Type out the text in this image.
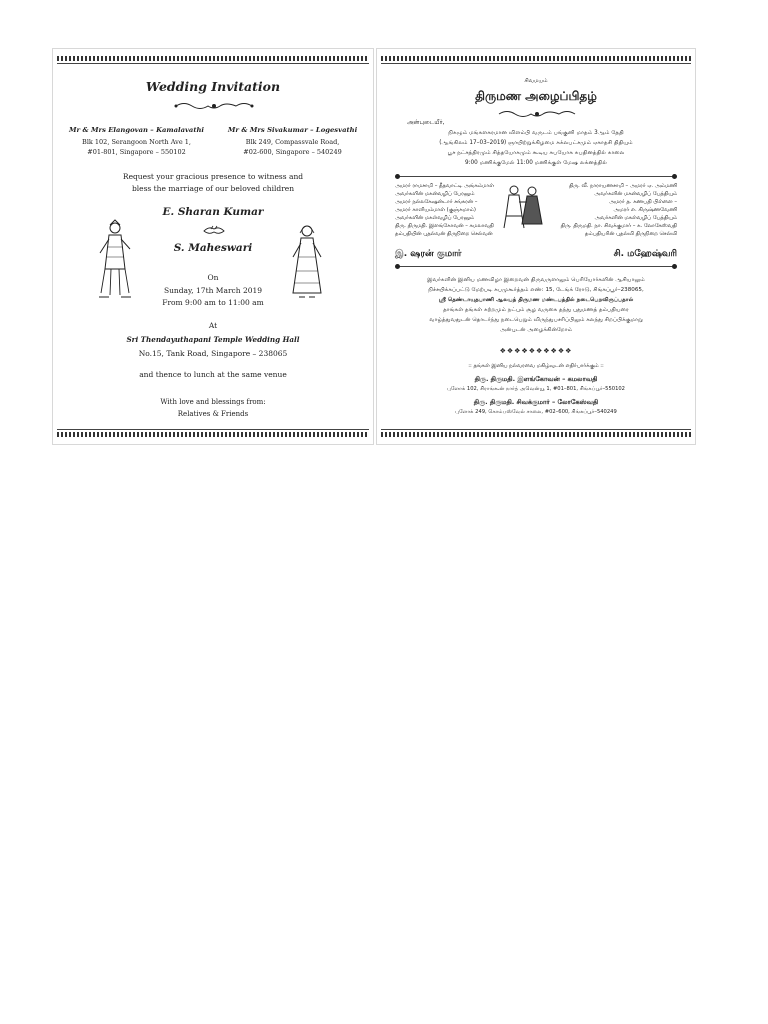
Wedding Invitation
Mr & Mrs Elangovan – Kamalavathi
Blk 102, Serangoon North Ave 1,
#01-801, Singapore – 550102
Mr & Mrs Sivakumar – Logesvathi
Blk 249, Compassvale Road,
#02-600, Singapore – 540249
Request your gracious presence to witness and
bless the marriage of our beloved children
E. Sharan Kumar
S. Maheswari
On
Sunday, 17th March 2019
From 9:00 am to 11:00 am
At
Sri Thendayuthapani Temple Wedding Hall
No.15, Tank Road, Singapore – 238065
and thence to lunch at the same venue
With love and blessings from:
Relatives & Friends
சிவமயம்
திருமண அழைப்பிதழ்
அன்புடையீர்,
நிகழும் மங்களகரமான விளம்பி வருடம் பங்குனி மாதம் 3ஆம் தேதி
(ஆங்கிலம் 17–03–2019) ஞாயிற்றுக்கிழமை சுக்லபட்சமும் ஏகாதசி திதியும்
பூச நட்சத்திரமும் சித்தயோகமும் கூடிய சுபயோக சுபதினத்தில் காலை
9:00 மணிக்குமேல் 11:00 மணிக்குள் மேஷ லக்னத்தில்
அமரர் ராமசாமி – தீதவாட்டி அங்கம்மாள்
அவர்களின் மகன்வழிப் பேரனும்
அமரர் நல்லகேஷன்டார் சங்கரன் –
அமரர் காளியம்மாள் (குஞ்சுமாம்)
அவர்களின் மகள்வழிப் பேரனும்
திரு. திருமதி. இளங்கோவன் – கமலாவதி
தம்பதியின் புதல்வன் திருநிறை செல்வன்
திரு. வீ. நாராயணசாமி – அமரர் ஏ. அம்மணி
அவர்களின் மகன்வழிப் பேத்தியும்
அமரர் த. கணபதி பிள்ளை –
அமரர் எ. கிருஷ்ணவேணி
அவர்களின் மகள்வழிப் பேத்தியும்
திரு. திருமதி. நா. சிவக்குமார் – க. லோகேஸ்வதி
தம்பதியரின் புதல்வி திருநிறை செல்வி
இ. ஷரன் குமார்	சி. மஹேஷ்வரி
இவர்களின் இனிய மணவிழா இறைவன் திருவருளாலும் பெரியோர்களின் ஆசியாலும்
நிச்சயிக்கப்பட்டு மேற்படி சுபமுகூர்த்தம் எண்: 15, டேங்க் ரோடு, சிங்கப்பூர்–238065,
ஸ்ரீ தெண்டாயுதபாணி ஆலயத் திருமண மண்டபத்தில் நடைபெறவிருப்பதால்
தாங்கள் தங்கள் சுற்றமும் நட்பும் சூழ வருகை தந்து புதுமணத் தம்பதியரை
வாழ்த்துவதுடன் தொடர்ந்து நடைபெறும் விருந்துபசரிப்பிலும் கலந்து சிறப்பிக்குமாறு
அன்புடன் அழைக்கின்றோம்
❖❖❖❖❖❖❖❖❖❖
:: தங்கள் இனிய நல்வரவை மகிழ்வுடன் எதிர்பார்க்கும் ::
திரு. திருமதி. இளங்கோவன் – கமலாவதி
புளோக் 102, சிராங்கூன் நார்த் அவென்யூ 1, #01–801, சிங்கப்பூர்–550102
திரு. திருமதி. சிவக்குமார் – லோகேஸ்வதி
புளோக் 249, கொம்பஸ்வேல் சாலை, #02–600, சிங்கப்பூர்–540249
